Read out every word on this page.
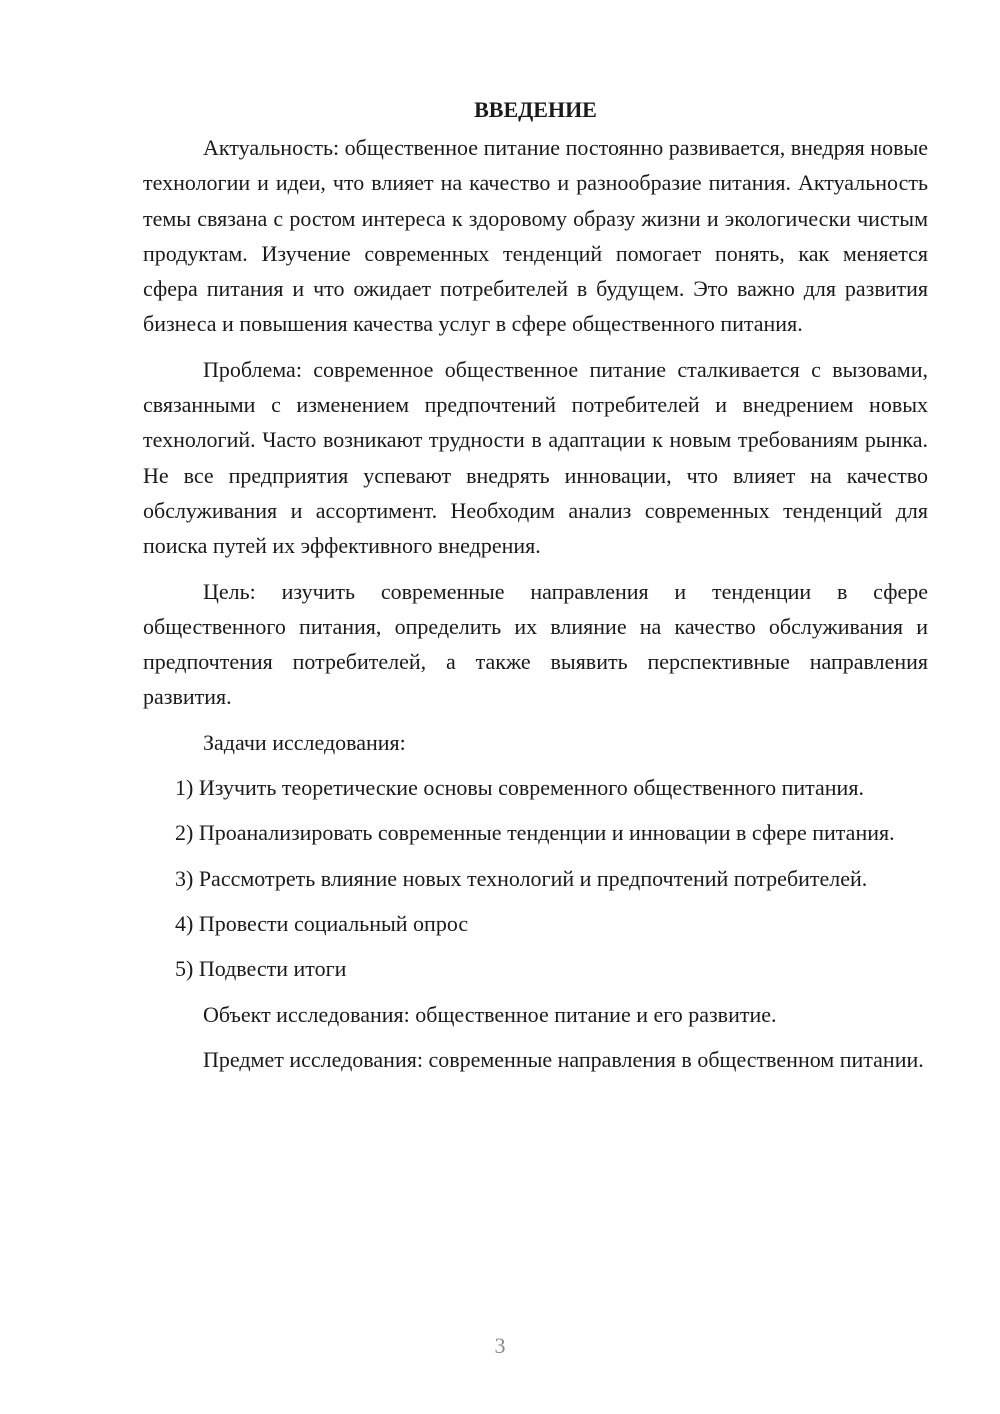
ВВЕДЕНИЕ

Актуальность: общественное питание постоянно развивается, внедряя новые технологии и идеи, что влияет на качество и разнообразие питания. Актуальность темы связана с ростом интереса к здоровому образу жизни и экологически чистым продуктам. Изучение современных тенденций помогает понять, как меняется сфера питания и что ожидает потребителей в будущем. Это важно для развития бизнеса и повышения качества услуг в сфере общественного питания.

Проблема: современное общественное питание сталкивается с вызовами, связанными с изменением предпочтений потребителей и внедрением новых технологий. Часто возникают трудности в адаптации к новым требованиям рынка. Не все предприятия успевают внедрять инновации, что влияет на качество обслуживания и ассортимент. Необходим анализ современных тенденций для поиска путей их эффективного внедрения.

Цель: изучить современные направления и тенденции в сфере общественного питания, определить их влияние на качество обслуживания и предпочтения потребителей, а также выявить перспективные направления развития.

Задачи исследования:

1) Изучить теоретические основы современного общественного питания.

2) Проанализировать современные тенденции и инновации в сфере питания.

3) Рассмотреть влияние новых технологий и предпочтений потребителей.

4) Провести социальный опрос

5) Подвести итоги

Объект исследования: общественное питание и его развитие.

Предмет исследования: современные направления в общественном питании.

3
